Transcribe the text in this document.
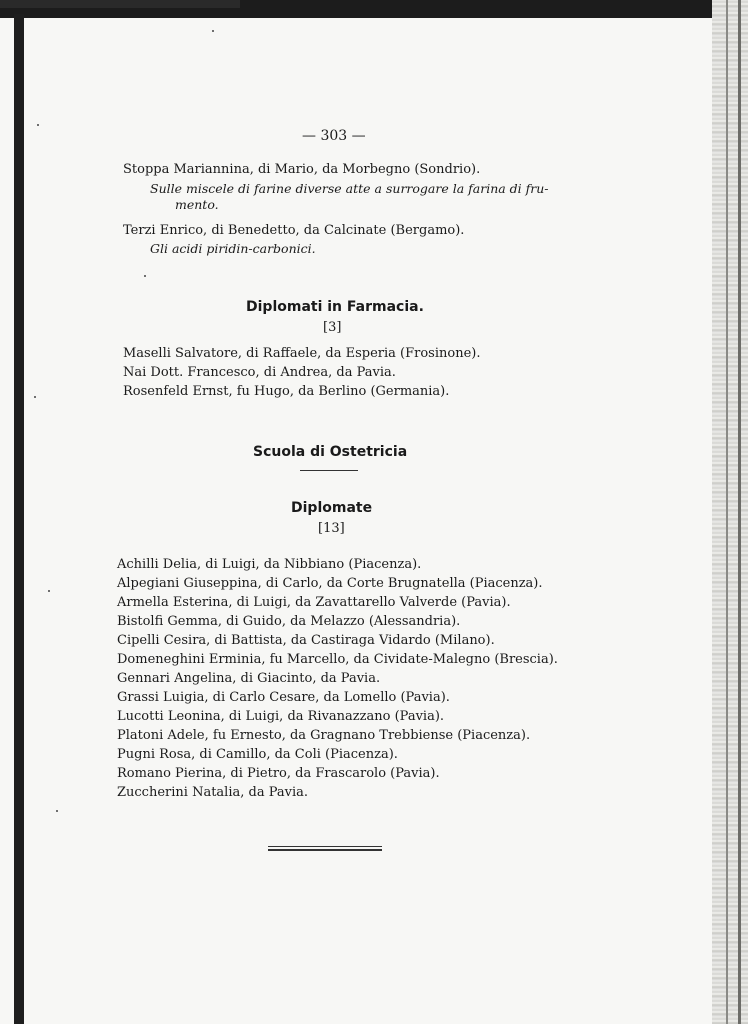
— 303 —
Stoppa Mariannina, di Mario, da Morbegno (Sondrio).
Sulle miscele di farine diverse atte a surrogare la farina di fru-
mento.
Terzi Enrico, di Benedetto, da Calcinate (Bergamo).
Gli acidi piridin-carbonici.
Diplomati in Farmacia.
[3]
Maselli Salvatore, di Raffaele, da Esperia (Frosinone).
Nai Dott. Francesco, di Andrea, da Pavia.
Rosenfeld Ernst, fu Hugo, da Berlino (Germania).
Scuola di Ostetricia
Diplomate
[13]
Achilli Delia, di Luigi, da Nibbiano (Piacenza).
Alpegiani Giuseppina, di Carlo, da Corte Brugnatella (Piacenza).
Armella Esterina, di Luigi, da Zavattarello Valverde (Pavia).
Bistolfi Gemma, di Guido, da Melazzo (Alessandria).
Cipelli Cesira, di Battista, da Castiraga Vidardo (Milano).
Domeneghini Erminia, fu Marcello, da Cividate-Malegno (Brescia).
Gennari Angelina, di Giacinto, da Pavia.
Grassi Luigia, di Carlo Cesare, da Lomello (Pavia).
Lucotti Leonina, di Luigi, da Rivanazzano (Pavia).
Platoni Adele, fu Ernesto, da Gragnano Trebbiense (Piacenza).
Pugni Rosa, di Camillo, da Coli (Piacenza).
Romano Pierina, di Pietro, da Frascarolo (Pavia).
Zuccherini Natalia, da Pavia.
